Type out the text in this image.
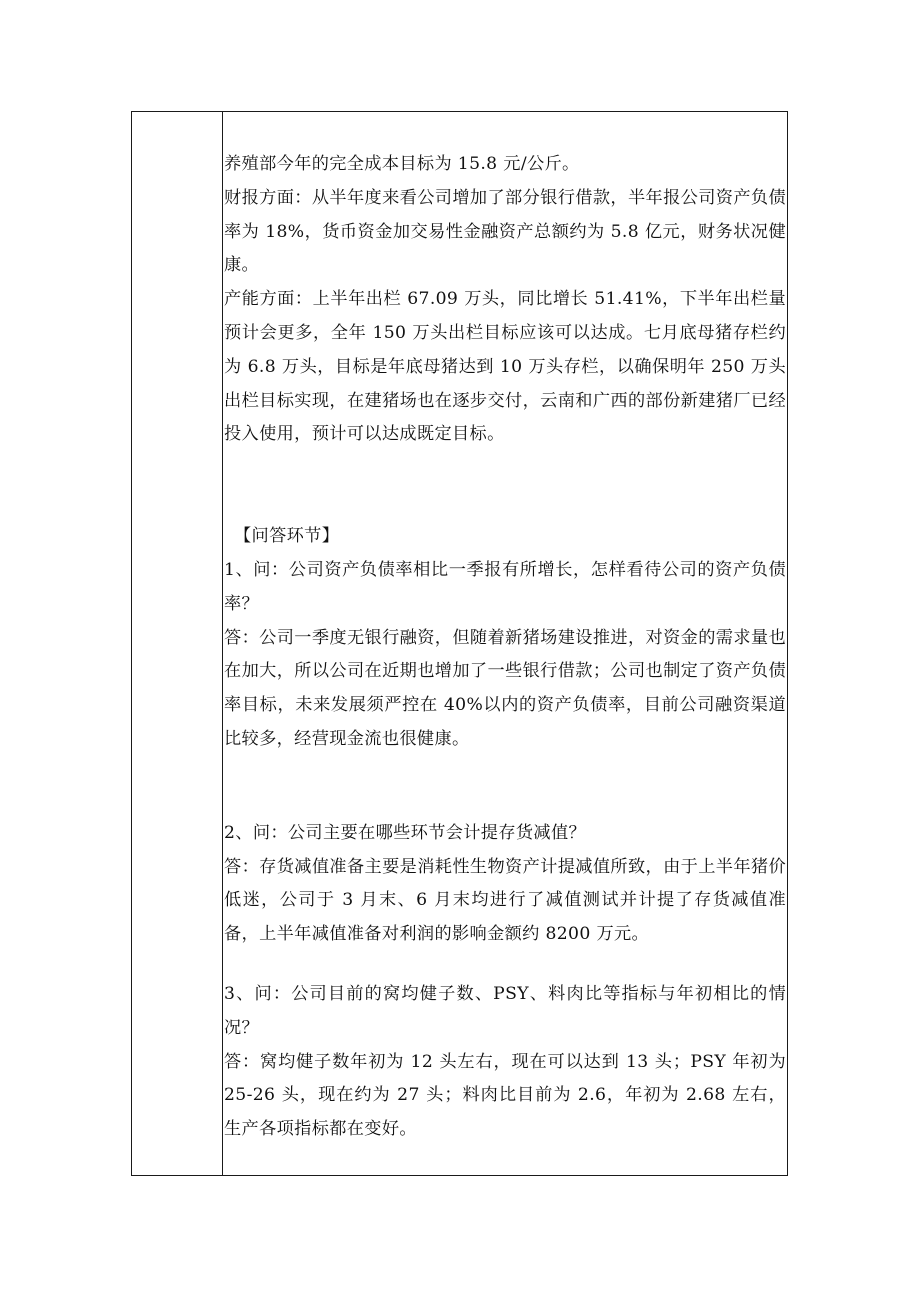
养殖部今年的完全成本目标为 15.8 元/公斤。

财报方面：从半年度来看公司增加了部分银行借款，半年报公司资产负债率为 18%，货币资金加交易性金融资产总额约为 5.8 亿元，财务状况健康。

产能方面：上半年出栏 67.09 万头，同比增长 51.41%，下半年出栏量预计会更多，全年 150 万头出栏目标应该可以达成。七月底母猪存栏约为 6.8 万头，目标是年底母猪达到 10 万头存栏，以确保明年 250 万头出栏目标实现，在建猪场也在逐步交付，云南和广西的部份新建猪厂已经投入使用，预计可以达成既定目标。

【问答环节】

1、问：公司资产负债率相比一季报有所增长，怎样看待公司的资产负债率？

答：公司一季度无银行融资，但随着新猪场建设推进，对资金的需求量也在加大，所以公司在近期也增加了一些银行借款；公司也制定了资产负债率目标，未来发展须严控在 40%以内的资产负债率，目前公司融资渠道比较多，经营现金流也很健康。

2、问：公司主要在哪些环节会计提存货减值？

答：存货减值准备主要是消耗性生物资产计提减值所致，由于上半年猪价低迷，公司于 3 月末、6 月末均进行了减值测试并计提了存货减值准备，上半年减值准备对利润的影响金额约 8200 万元。

3、问：公司目前的窝均健子数、PSY、料肉比等指标与年初相比的情况？

答：窝均健子数年初为 12 头左右，现在可以达到 13 头；PSY 年初为 25-26 头，现在约为 27 头；料肉比目前为 2.6，年初为 2.68 左右，生产各项指标都在变好。
